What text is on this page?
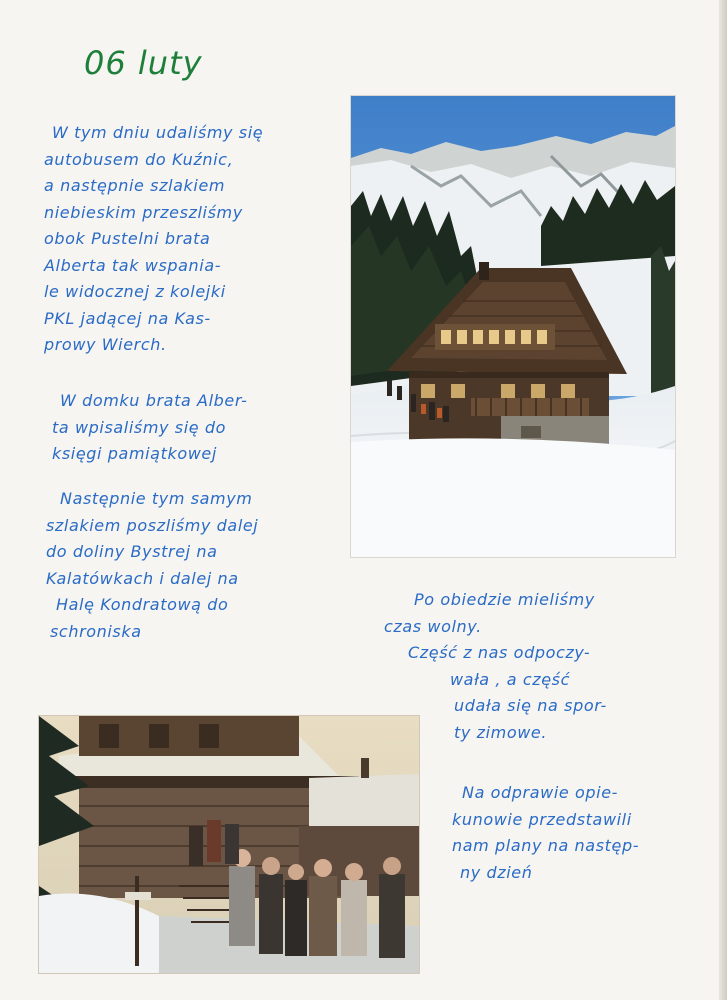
06 luty

W tym dniu udaliśmy się
autobusem do Kuźnic,
a następnie szlakiem
niebieskim przeszliśmy
obok Pustelni brata
Alberta tak wspania-
le widocznej z kolejki
PKL jadącej na Kas-
prowy Wierch.

W domku brata Alber-
ta wpisaliśmy się do
księgi pamiątkowej

Następnie tym samym
szlakiem poszliśmy dalej
do doliny Bystrej na
Kalatówkach i dalej na
Halę Kondratową do
schroniska

Po obiedzie mieliśmy
czas wolny.
Część z nas odpoczy-
wała , a część
udała się na spor-
ty zimowe.

Na odprawie opie-
kunowie przedstawili
nam plany na następ-
ny dzień
